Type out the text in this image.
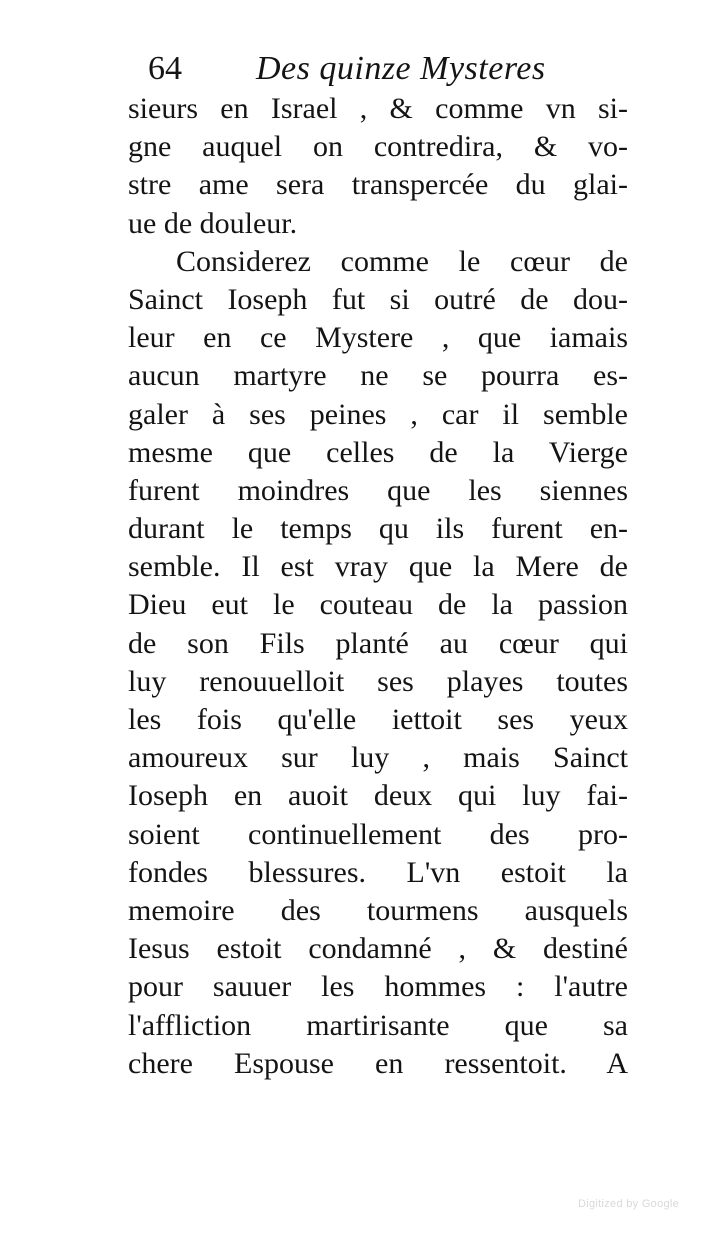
64 Des quinze Mysteres
sieurs en Israel , & comme vn si-
gne auquel on contredira, & vo-
stre ame sera transpercée du glai-
ue de douleur.
Considerez comme le cœur de
Sainct Ioseph fut si outré de dou-
leur en ce Mystere , que iamais
aucun martyre ne se pourra es-
galer à ses peines , car il semble
mesme que celles de la Vierge
furent moindres que les siennes
durant le temps qu ils furent en-
semble. Il est vray que la Mere de
Dieu eut le couteau de la passion
de son Fils planté au cœur qui
luy renouuelloit ses playes toutes
les fois qu'elle iettoit ses yeux
amoureux sur luy , mais Sainct
Ioseph en auoit deux qui luy fai-
soient continuellement des pro-
fondes blessures. L'vn estoit la
memoire des tourmens ausquels
Iesus estoit condamné , & destiné
pour sauuer les hommes : l'autre
l'affliction martirisante que sa
chere Espouse en ressentoit. A
Digitized by Google
